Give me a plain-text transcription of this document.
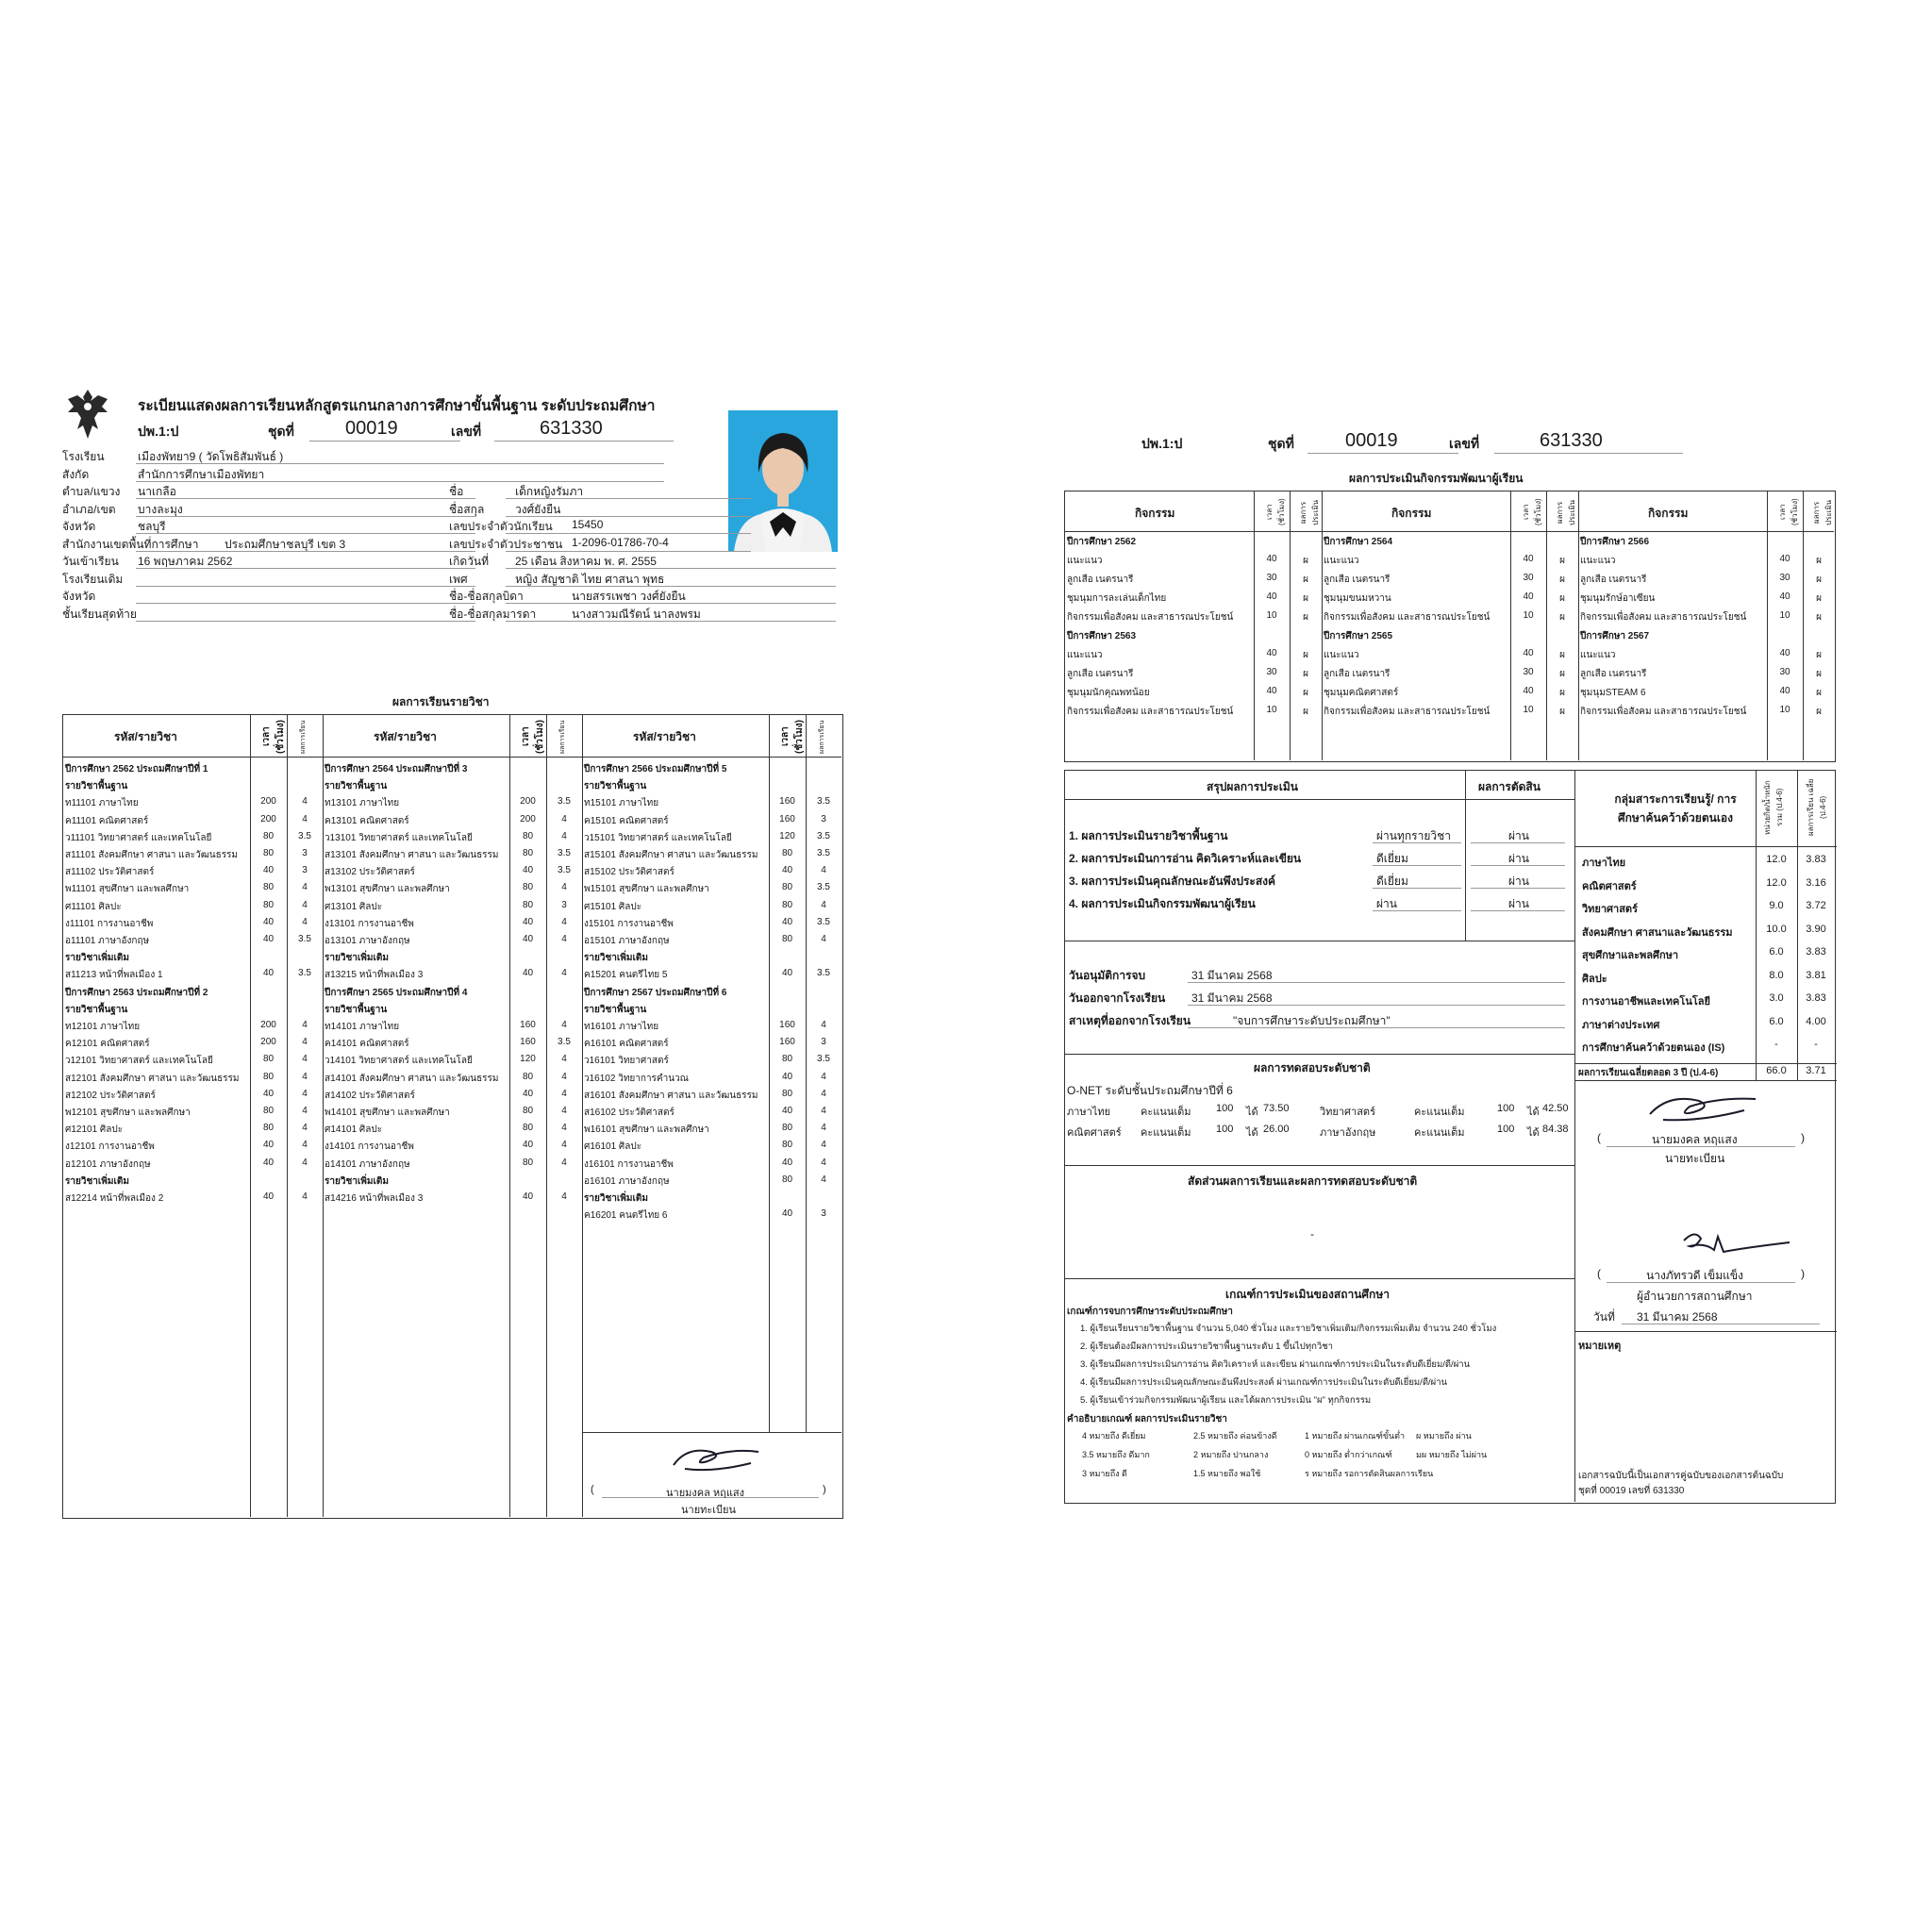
ระเบียนแสดงผลการเรียนหลักสูตรแกนกลางการศึกษาขั้นพื้นฐาน ระดับประถมศึกษา
ปพ.1:ป	ชุดที่	00019	เลขที่	631330
โรงเรียน	เมืองพัทยา9 ( วัดโพธิสัมพันธ์ )
สังกัด	สำนักการศึกษาเมืองพัทยา
ตำบล/แขวง นาเกลือ
อำเภอ/เขต บางละมุง
จังหวัด	ชลบุรี
สำนักงานเขตพื้นที่การศึกษา ประถมศึกษาชลบุรี เขต 3
วันเข้าเรียน 16 พฤษภาคม 2562
โรงเรียนเดิม
จังหวัด
ชั้นเรียนสุดท้าย
ชื่อ	เด็กหญิงรัมภา
ชื่อสกุล	วงศ์ยังยืน
เลขประจำตัวนักเรียน 15450
เลขประจำตัวประชาชน 1-2096-01786-70-4
เกิดวันที่ 25 เดือน สิงหาคม พ. ศ. 2555
เพศ	หญิง สัญชาติ ไทย ศาสนา พุทธ
ชื่อ-ชื่อสกุลบิดา	นายสรรเพชา วงศ์ยังยืน
ชื่อ-ชื่อสกุลมารดา	นางสาวมณีรัตน์ นาลงพรม
ผลการเรียนรายวิชา
รหัส/รายวิชา	เวลา (ชั่วโมง) ผลการเรียน
ปีการศึกษา 2562 ประถมศึกษาปีที่ 1
รายวิชาพื้นฐาน
ท11101 ภาษาไทย	200	4
ค11101 คณิตศาสตร์	200	4
ว11101 วิทยาศาสตร์ และเทคโนโลยี	80	3.5
ส11101 สังคมศึกษา ศาสนา และวัฒนธรรม	80	3
ส11102 ประวัติศาสตร์	40	3
พ11101 สุขศึกษา และพลศึกษา	80	4
ศ11101 ศิลปะ	80	4
ง11101 การงานอาชีพ	40	4
อ11101 ภาษาอังกฤษ	40	3.5
รายวิชาเพิ่มเติม
ส11213 หน้าที่พลเมือง 1	40	3.5
ปีการศึกษา 2563 ประถมศึกษาปีที่ 2
รายวิชาพื้นฐาน
ท12101 ภาษาไทย	200	4
ค12101 คณิตศาสตร์	200	4
ว12101 วิทยาศาสตร์ และเทคโนโลยี	80	4
ส12101 สังคมศึกษา ศาสนา และวัฒนธรรม	80	4
ส12102 ประวัติศาสตร์	40	4
พ12101 สุขศึกษา และพลศึกษา	80	4
ศ12101 ศิลปะ	80	4
ง12101 การงานอาชีพ	40	4
อ12101 ภาษาอังกฤษ	40	4
รายวิชาเพิ่มเติม
ส12214 หน้าที่พลเมือง 2	40	4
รหัส/รายวิชา	เวลา (ชั่วโมง) ผลการเรียน
ปีการศึกษา 2564 ประถมศึกษาปีที่ 3
รายวิชาพื้นฐาน
ท13101 ภาษาไทย	200	3.5
ค13101 คณิตศาสตร์	200	4
ว13101 วิทยาศาสตร์ และเทคโนโลยี	80	4
ส13101 สังคมศึกษา ศาสนา และวัฒนธรรม	80	3.5
ส13102 ประวัติศาสตร์	40	3.5
พ13101 สุขศึกษา และพลศึกษา	80	4
ศ13101 ศิลปะ	80	3
ง13101 การงานอาชีพ	40	4
อ13101 ภาษาอังกฤษ	40	4
รายวิชาเพิ่มเติม
ส13215 หน้าที่พลเมือง 3	40	4
ปีการศึกษา 2565 ประถมศึกษาปีที่ 4
รายวิชาพื้นฐาน
ท14101 ภาษาไทย	160	4
ค14101 คณิตศาสตร์	160	3.5
ว14101 วิทยาศาสตร์ และเทคโนโลยี	120	4
ส14101 สังคมศึกษา ศาสนา และวัฒนธรรม	80	4
ส14102 ประวัติศาสตร์	40	4
พ14101 สุขศึกษา และพลศึกษา	80	4
ศ14101 ศิลปะ	80	4
ง14101 การงานอาชีพ	40	4
อ14101 ภาษาอังกฤษ	80	4
รายวิชาเพิ่มเติม
ส14216 หน้าที่พลเมือง 3	40	4
รหัส/รายวิชา	เวลา (ชั่วโมง) ผลการเรียน
ปีการศึกษา 2566 ประถมศึกษาปีที่ 5
รายวิชาพื้นฐาน
ท15101 ภาษาไทย	160	3.5
ค15101 คณิตศาสตร์	160	3
ว15101 วิทยาศาสตร์ และเทคโนโลยี	120	3.5
ส15101 สังคมศึกษา ศาสนา และวัฒนธรรม	80	3.5
ส15102 ประวัติศาสตร์	40	4
พ15101 สุขศึกษา และพลศึกษา	80	3.5
ศ15101 ศิลปะ	80	4
ง15101 การงานอาชีพ	40	3.5
อ15101 ภาษาอังกฤษ	80	4
รายวิชาเพิ่มเติม
ค15201 คนตรีไทย 5	40	3.5
ปีการศึกษา 2567 ประถมศึกษาปีที่ 6
รายวิชาพื้นฐาน
ท16101 ภาษาไทย	160	4
ค16101 คณิตศาสตร์	160	3
ว16101 วิทยาศาสตร์	80	3.5
ว16102 วิทยาการคำนวณ	40	4
ส16101 สังคมศึกษา ศาสนา และวัฒนธรรม	80	4
ส16102 ประวัติศาสตร์	40	4
พ16101 สุขศึกษา และพลศึกษา	80	4
ศ16101 ศิลปะ	80	4
ง16101 การงานอาชีพ	40	4
อ16101 ภาษาอังกฤษ	80	4
รายวิชาเพิ่มเติม
ค16201 คนตรีไทย 6	40	3
(	)
นายมงคล หฤแสง
นายทะเบียน
ปพ.1:ป	ชุดที่	00019	เลขที่	631330
ผลการประเมินกิจกรรมพัฒนาผู้เรียน
กิจกรรม	เวลา (ชั่วโมง) ผลการประเมิน
ปีการศึกษา 2562
แนะแนว	40	ผ
ลูกเสือ เนตรนารี	30	ผ
ชุมนุมการละเล่นเด็กไทย	40	ผ
กิจกรรมเพื่อสังคม และสาธารณประโยชน์	10	ผ
ปีการศึกษา 2563
แนะแนว	40	ผ
ลูกเสือ เนตรนารี	30	ผ
ชุมนุมนักคุณพทน้อย	40	ผ
กิจกรรมเพื่อสังคม และสาธารณประโยชน์	10	ผ
กิจกรรม	เวลา (ชั่วโมง) ผลการประเมิน
ปีการศึกษา 2564
แนะแนว	40	ผ
ลูกเสือ เนตรนารี	30	ผ
ชุมนุมขนมหวาน	40	ผ
กิจกรรมเพื่อสังคม และสาธารณประโยชน์	10	ผ
ปีการศึกษา 2565
แนะแนว	40	ผ
ลูกเสือ เนตรนารี	30	ผ
ชุมนุมคณิตศาสตร์	40	ผ
กิจกรรมเพื่อสังคม และสาธารณประโยชน์	10	ผ
กิจกรรม	เวลา (ชั่วโมง) ผลการประเมิน
ปีการศึกษา 2566
แนะแนว	40	ผ
ลูกเสือ เนตรนารี	30	ผ
ชุมนุมรักษ์อาเซียน	40	ผ
กิจกรรมเพื่อสังคม และสาธารณประโยชน์	10	ผ
ปีการศึกษา 2567
แนะแนว	40	ผ
ลูกเสือ เนตรนารี	30	ผ
ชุมนุมSTEAM 6	40	ผ
กิจกรรมเพื่อสังคม และสาธารณประโยชน์	10	ผ
สรุปผลการประเมิน	ผลการตัดสิน
1. ผลการประเมินรายวิชาพื้นฐาน	ผ่านทุกรายวิชา	ผ่าน
2. ผลการประเมินการอ่าน คิดวิเคราะห์และเขียน	ดีเยี่ยม	ผ่าน
3. ผลการประเมินคุณลักษณะอันพึงประสงค์	ดีเยี่ยม	ผ่าน
4. ผลการประเมินกิจกรรมพัฒนาผู้เรียน	ผ่าน	ผ่าน
วันอนุมัติการจบ	31 มีนาคม 2568
วันออกจากโรงเรียน 31 มีนาคม 2568
สาเหตุที่ออกจากโรงเรียน	"จบการศึกษาระดับประถมศึกษา"
ผลการทดสอบระดับชาติ
O-NET ระดับชั้นประถมศึกษาปีที่ 6
ภาษาไทย	คะแนนเต็ม 100 ได้ 73.50	วิทยาศาสตร์	คะแนนเต็ม	100 ได้ 42.50
คณิตศาสตร์ คะแนนเต็ม 100 ได้ 26.00	ภาษาอังกฤษ	คะแนนเต็ม	100 ได้ 84.38
สัดส่วนผลการเรียนและผลการทดสอบระดับชาติ
-
เกณฑ์การประเมินของสถานศึกษา
เกณฑ์การจบการศึกษาระดับประถมศึกษา
1. ผู้เรียนเรียนรายวิชาพื้นฐาน จำนวน 5,040 ชั่วโมง และรายวิชาเพิ่มเติม/กิจกรรมเพิ่มเติม จำนวน 240 ชั่วโมง
2. ผู้เรียนต้องมีผลการประเมินรายวิชาพื้นฐานระดับ 1 ขึ้นไปทุกวิชา
3. ผู้เรียนมีผลการประเมินการอ่าน คิดวิเคราะห์ และเขียน ผ่านเกณฑ์การประเมินในระดับดีเยี่ยม/ดี/ผ่าน
4. ผู้เรียนมีผลการประเมินคุณลักษณะอันพึงประสงค์ ผ่านเกณฑ์การประเมินในระดับดีเยี่ยม/ดี/ผ่าน
5. ผู้เรียนเข้าร่วมกิจกรรมพัฒนาผู้เรียน และได้ผลการประเมิน "ผ" ทุกกิจกรรม
คำอธิบายเกณฑ์ ผลการประเมินรายวิชา
4 หมายถึง ดีเยี่ยม	2.5 หมายถึง ค่อนข้างดี	1 หมายถึง ผ่านเกณฑ์ขั้นต่ำ ผ หมายถึง ผ่าน
3.5 หมายถึง ดีมาก	2 หมายถึง ปานกลาง	0 หมายถึง ต่ำกว่าเกณฑ์	มผ หมายถึง ไม่ผ่าน
3 หมายถึง ดี	1.5 หมายถึง พอใช้	ร หมายถึง รอการตัดสินผลการเรียน
กลุ่มสาระการเรียนรู้/ การศึกษาค้นคว้าด้วยตนเอง	หน่วยกิต/น้ำหนัก รวม (ป.4-6)	ผลการเรียน เฉลี่ย (ป.4-6)
ภาษาไทย	12.0	3.83
คณิตศาสตร์	12.0	3.16
วิทยาศาสตร์	9.0	3.72
สังคมศึกษา ศาสนาและวัฒนธรรม	10.0	3.90
สุขศึกษาและพลศึกษา	6.0	3.83
ศิลปะ	8.0	3.81
การงานอาชีพและเทคโนโลยี	3.0	3.83
ภาษาต่างประเทศ	6.0	4.00
การศึกษาค้นคว้าด้วยตนเอง (IS)	-	-
ผลการเรียนเฉลี่ยตลอด 3 ปี (ป.4-6)	66.0	3.71
(	นายมงคล หฤแสง	)
นายทะเบียน
(	นางภัทรวดี เข็มแข็ง	)
ผู้อำนวยการสถานศึกษา
วันที่ 31 มีนาคม 2568
หมายเหตุ
เอกสารฉบับนี้เป็นเอกสารคู่ฉบับของเอกสารต้นฉบับ
ชุดที่ 00019 เลขที่ 631330
